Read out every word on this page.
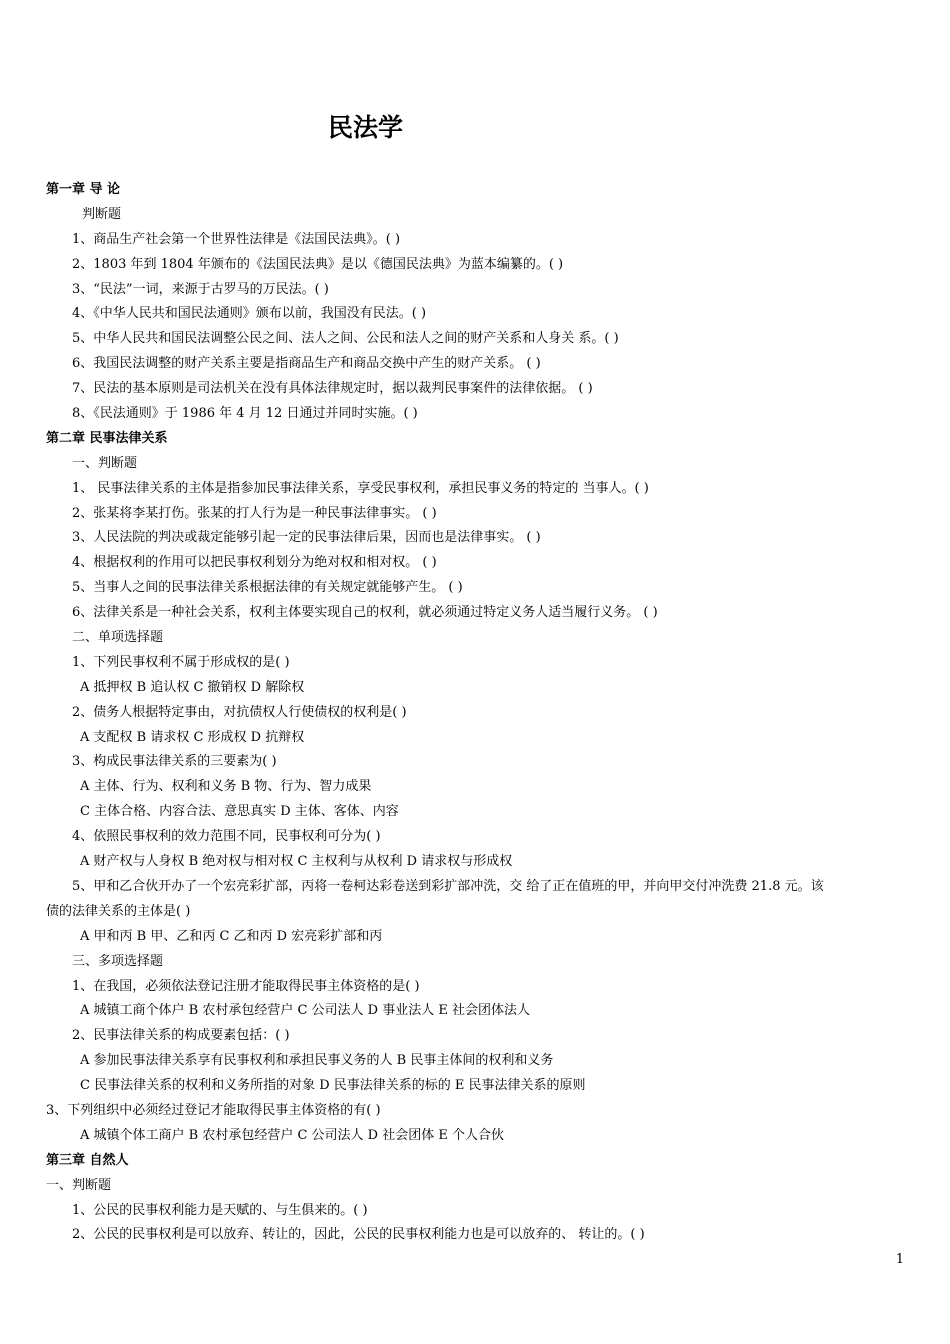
民法学
第一章 导 论
判断题
1、商品生产社会第一个世界性法律是《法国民法典》。( )
2、1803 年到 1804 年颁布的《法国民法典》是以《德国民法典》为蓝本编纂的。( )
3、“民法”一词，来源于古罗马的万民法。( )
4、《中华人民共和国民法通则》颁布以前，我国没有民法。( )
5、中华人民共和国民法调整公民之间、法人之间、公民和法人之间的财产关系和人身关 系。( )
6、我国民法调整的财产关系主要是指商品生产和商品交换中产生的财产关系。 ( )
7、民法的基本原则是司法机关在没有具体法律规定时，据以裁判民事案件的法律依据。 ( )
8、《民法通则》于 1986 年 4 月 12 日通过并同时实施。( )
第二章 民事法律关系
一、判断题
1、 民事法律关系的主体是指参加民事法律关系，享受民事权利，承担民事义务的特定的 当事人。( )
2、张某将李某打伤。张某的打人行为是一种民事法律事实。 ( )
3、人民法院的判决或裁定能够引起一定的民事法律后果，因而也是法律事实。 ( )
4、根据权利的作用可以把民事权利划分为绝对权和相对权。 ( )
5、当事人之间的民事法律关系根据法律的有关规定就能够产生。 ( )
6、法律关系是一种社会关系，权利主体要实现自己的权利，就必须通过特定义务人适当履行义务。 ( )
二、单项选择题
1、下列民事权利不属于形成权的是( )
A 抵押权 B 追认权 C 撤销权 D 解除权
2、债务人根据特定事由，对抗债权人行使债权的权利是( )
A 支配权 B 请求权 C 形成权 D 抗辩权
3、构成民事法律关系的三要素为( )
A 主体、行为、权利和义务 B 物、行为、智力成果
C 主体合格、内容合法、意思真实 D 主体、客体、内容
4、依照民事权利的效力范围不同，民事权利可分为( )
A 财产权与人身权 B 绝对权与相对权 C 主权利与从权利 D 请求权与形成权
5、甲和乙合伙开办了一个宏亮彩扩部，丙将一卷柯达彩卷送到彩扩部冲洗，交 给了正在值班的甲，并向甲交付冲洗费 21.8 元。该
债的法律关系的主体是( )
A 甲和丙 B 甲、乙和丙 C 乙和丙 D 宏亮彩扩部和丙
三、多项选择题
1、在我国，必须依法登记注册才能取得民事主体资格的是( )
A 城镇工商个体户 B 农村承包经营户 C 公司法人 D 事业法人 E 社会团体法人
2、民事法律关系的构成要素包括：( )
A 参加民事法律关系享有民事权利和承担民事义务的人 B 民事主体间的权利和义务
C 民事法律关系的权利和义务所指的对象 D 民事法律关系的标的 E 民事法律关系的原则
3、下列组织中必须经过登记才能取得民事主体资格的有( )
A 城镇个体工商户 B 农村承包经营户 C 公司法人 D 社会团体 E 个人合伙
第三章 自然人
一、判断题
1、公民的民事权利能力是天赋的、与生俱来的。( )
2、公民的民事权利是可以放弃、转让的，因此，公民的民事权利能力也是可以放弃的、 转让的。( )
1
